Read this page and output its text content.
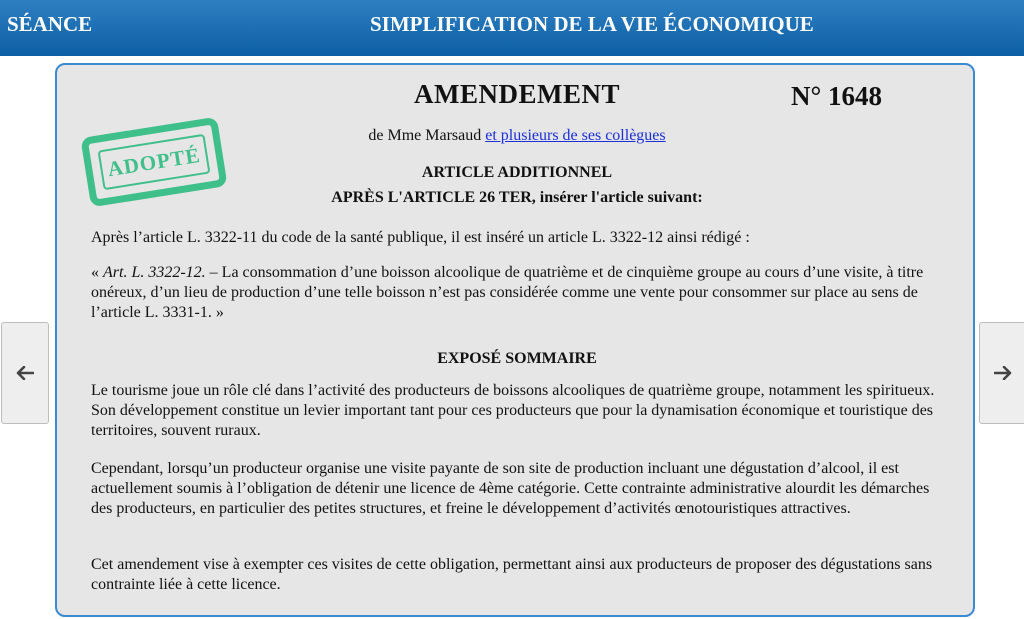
SÉANCE	SIMPLIFICATION DE LA VIE ÉCONOMIQUE
AMENDEMENT	N° 1648
ADOPTÉ
de Mme Marsaud et plusieurs de ses collègues
ARTICLE ADDITIONNEL
APRÈS L'ARTICLE 26 TER, insérer l'article suivant:
Après l’article L. 3322-11 du code de la santé publique, il est inséré un article L. 3322-12 ainsi rédigé :
« Art. L. 3322-12. – La consommation d’une boisson alcoolique de quatrième et de cinquième groupe au cours d’une visite, à titre onéreux, d’un lieu de production d’une telle boisson n’est pas considérée comme une vente pour consommer sur place au sens de l’article L. 3331-1. »
EXPOSÉ SOMMAIRE
Le tourisme joue un rôle clé dans l’activité des producteurs de boissons alcooliques de quatrième groupe, notamment les spiritueux. Son développement constitue un levier important tant pour ces producteurs que pour la dynamisation économique et touristique des territoires, souvent ruraux.
Cependant, lorsqu’un producteur organise une visite payante de son site de production incluant une dégustation d’alcool, il est actuellement soumis à l’obligation de détenir une licence de 4ème catégorie. Cette contrainte administrative alourdit les démarches des producteurs, en particulier des petites structures, et freine le développement d’activités œnotouristiques attractives.
Cet amendement vise à exempter ces visites de cette obligation, permettant ainsi aux producteurs de proposer des dégustations sans contrainte liée à cette licence.
